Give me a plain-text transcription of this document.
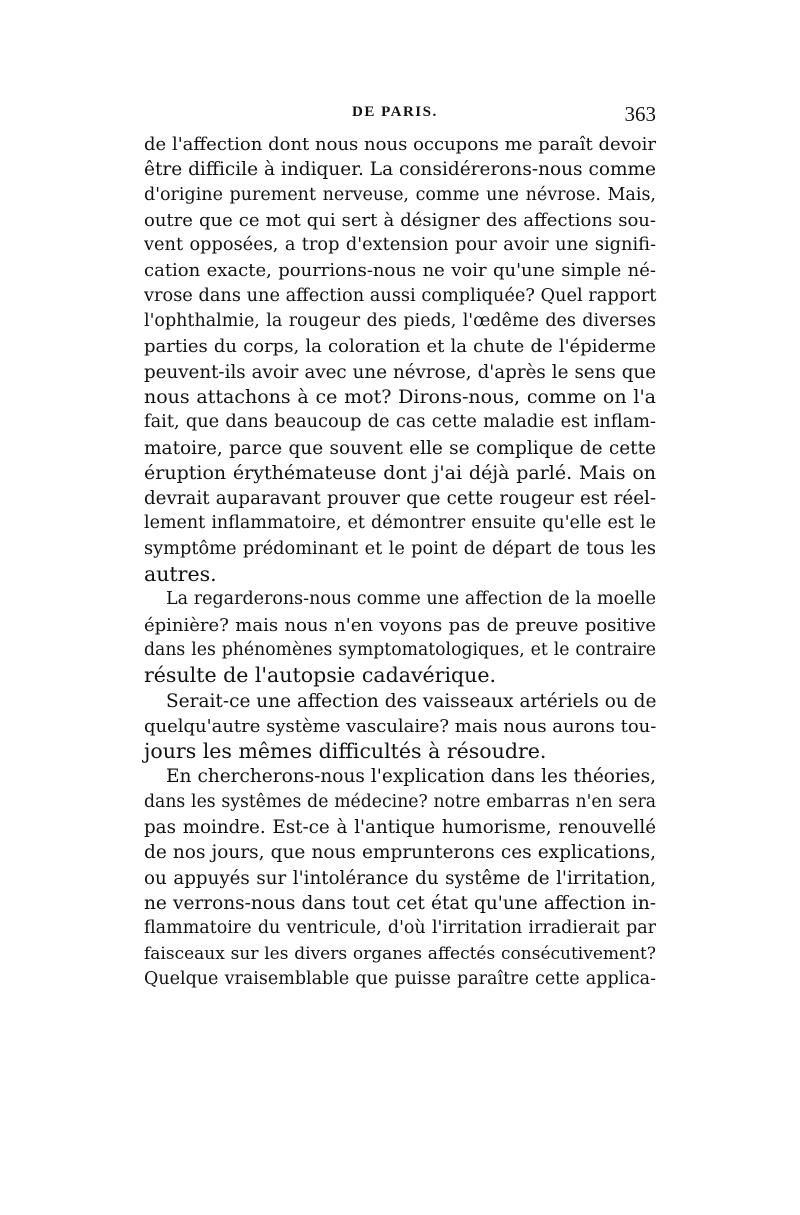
DE PARIS.	363
de l'affection dont nous nous occupons me paraît devoir
être difficile à indiquer. La considérerons-nous comme
d'origine purement nerveuse, comme une névrose. Mais,
outre que ce mot qui sert à désigner des affections sou-
vent opposées, a trop d'extension pour avoir une signifi-
cation exacte, pourrions-nous ne voir qu'une simple né-
vrose dans une affection aussi compliquée? Quel rapport
l'ophthalmie, la rougeur des pieds, l'œdême des diverses
parties du corps, la coloration et la chute de l'épiderme
peuvent-ils avoir avec une névrose, d'après le sens que
nous attachons à ce mot? Dirons-nous, comme on l'a
fait, que dans beaucoup de cas cette maladie est inflam-
matoire, parce que souvent elle se complique de cette
éruption érythémateuse dont j'ai déjà parlé. Mais on
devrait auparavant prouver que cette rougeur est réel-
lement inflammatoire, et démontrer ensuite qu'elle est le
symptôme prédominant et le point de départ de tous les
autres.
La regarderons-nous comme une affection de la moelle
épinière? mais nous n'en voyons pas de preuve positive
dans les phénomènes symptomatologiques, et le contraire
résulte de l'autopsie cadavérique.
Serait-ce une affection des vaisseaux artériels ou de
quelqu'autre système vasculaire? mais nous aurons tou-
jours les mêmes difficultés à résoudre.
En chercherons-nous l'explication dans les théories,
dans les systêmes de médecine? notre embarras n'en sera
pas moindre. Est-ce à l'antique humorisme, renouvellé
de nos jours, que nous emprunterons ces explications,
ou appuyés sur l'intolérance du systême de l'irritation,
ne verrons-nous dans tout cet état qu'une affection in-
flammatoire du ventricule, d'où l'irritation irradierait par
faisceaux sur les divers organes affectés consécutivement?
Quelque vraisemblable que puisse paraître cette applica-
